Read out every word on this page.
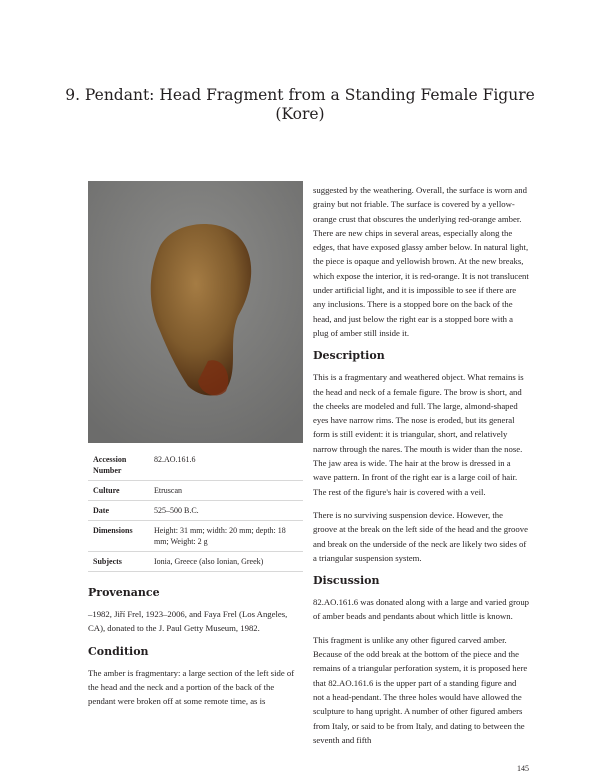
9. Pendant: Head Fragment from a Standing Female Figure
(Kore)
Accession Number	82.AO.161.6
Culture	Etruscan
Date	525–500 B.C.
Dimensions	Height: 31 mm; width: 20 mm; depth: 18 mm; Weight: 2 g
Subjects	Ionia, Greece (also Ionian, Greek)
Provenance

–1982, Jiří Frel, 1923–2006, and Faya Frel (Los Angeles, CA), donated to the J. Paul Getty Museum, 1982.

Condition

The amber is fragmentary: a large section of the left side of the head and the neck and a portion of the back of the pendant were broken off at some remote time, as is

suggested by the weathering. Overall, the surface is worn and grainy but not friable. The surface is covered by a yellow-orange crust that obscures the underlying red-orange amber. There are new chips in several areas, especially along the edges, that have exposed glassy amber below. In natural light, the piece is opaque and yellowish brown. At the new breaks, which expose the interior, it is red-orange. It is not translucent under artificial light, and it is impossible to see if there are any inclusions. There is a stopped bore on the back of the head, and just below the right ear is a stopped bore with a plug of amber still inside it.

Description

This is a fragmentary and weathered object. What remains is the head and neck of a female figure. The brow is short, and the cheeks are modeled and full. The large, almond-shaped eyes have narrow rims. The nose is eroded, but its general form is still evident: it is triangular, short, and relatively narrow through the nares. The mouth is wider than the nose. The jaw area is wide. The hair at the brow is dressed in a wave pattern. In front of the right ear is a large coil of hair. The rest of the figure's hair is covered with a veil.

There is no surviving suspension device. However, the groove at the break on the left side of the head and the groove and break on the underside of the neck are likely two sides of a triangular suspension system.

Discussion

82.AO.161.6 was donated along with a large and varied group of amber beads and pendants about which little is known.

This fragment is unlike any other figured carved amber. Because of the odd break at the bottom of the piece and the remains of a triangular perforation system, it is proposed here that 82.AO.161.6 is the upper part of a standing figure and not a head-pendant. The three holes would have allowed the sculpture to hang upright. A number of other figured ambers from Italy, or said to be from Italy, and dating to between the seventh and fifth

145
